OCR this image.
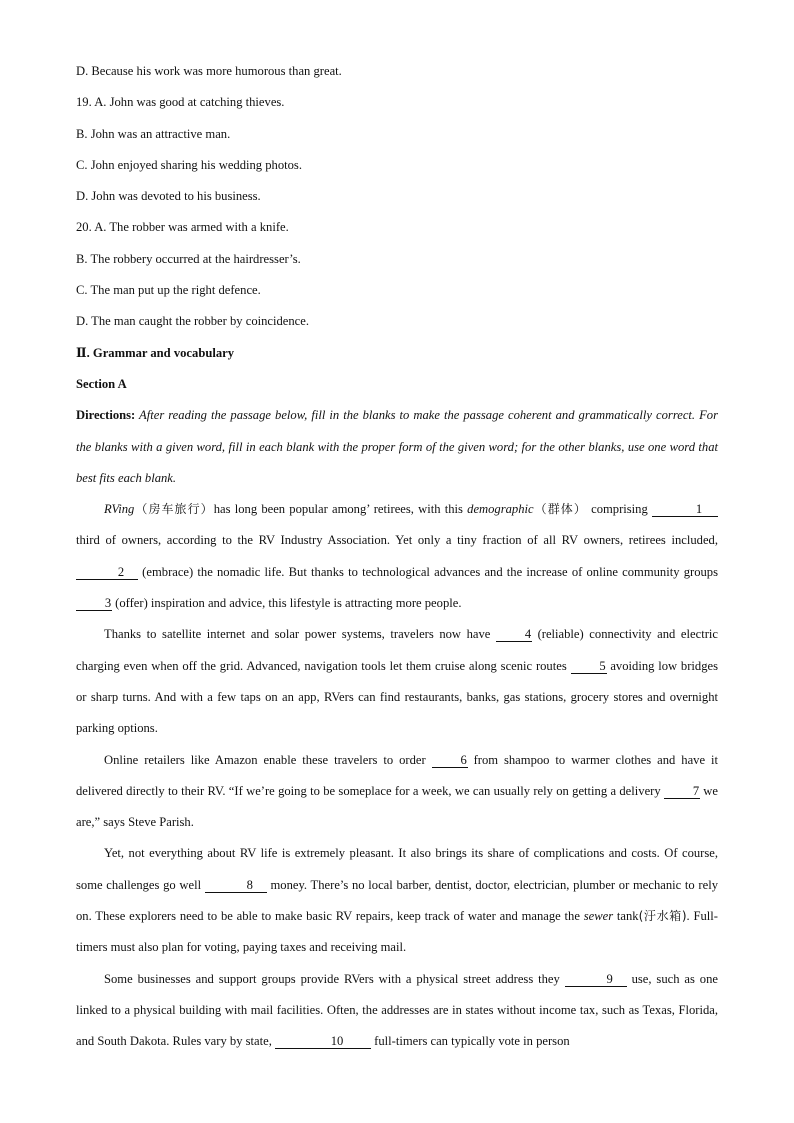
D. Because his work was more humorous than great.
19. A. John was good at catching thieves.
B. John was an attractive man.
C. John enjoyed sharing his wedding photos.
D. John was devoted to his business.
20. A. The robber was armed with a knife.
B. The robbery occurred at the hairdresser’s.
C. The man put up the right defence.
D. The man caught the robber by coincidence.
Ⅱ. Grammar and vocabulary
Section A
Directions: After reading the passage below, fill in the blanks to make the passage coherent and grammatically correct. For the blanks with a given word, fill in each blank with the proper form of the given word; for the other blanks, use one word that best fits each blank.
RVing（房车旅行）has long been popular among’ retirees, with this demographic（群体） comprising	1 third of owners, according to the RV Industry Association. Yet only a tiny fraction of all RV owners, retirees included, 2 (embrace) the nomadic life. But thanks to technological advances and the increase of online community groups 3 (offer) inspiration and advice, this lifestyle is attracting more people.
Thanks to satellite internet and solar power systems, travelers now have 4 (reliable) connectivity and electric charging even when off the grid. Advanced, navigation tools let them cruise along scenic routes 5 avoiding low bridges or sharp turns. And with a few taps on an app, RVers can find restaurants, banks, gas stations, grocery stores and overnight parking options.
Online retailers like Amazon enable these travelers to order 6 from shampoo to warmer clothes and have it delivered directly to their RV. “If we’re going to be someplace for a week, we can usually rely on getting a delivery 7 we are,” says Steve Parish.
Yet, not everything about RV life is extremely pleasant. It also brings its share of complications and costs. Of course, some challenges go well	8 money. There’s no local barber, dentist, doctor, electrician, plumber or mechanic to rely on. These explorers need to be able to make basic RV repairs, keep track of water and manage the sewer tank(汙水箱). Full-timers must also plan for voting, paying taxes and receiving mail.
Some businesses and support groups provide RVers with a physical street address they	9 use, such as one linked to a physical building with mail facilities. Often, the addresses are in states without income tax, such as Texas, Florida, and South Dakota. Rules vary by state,	10 full-timers can typically vote in person
